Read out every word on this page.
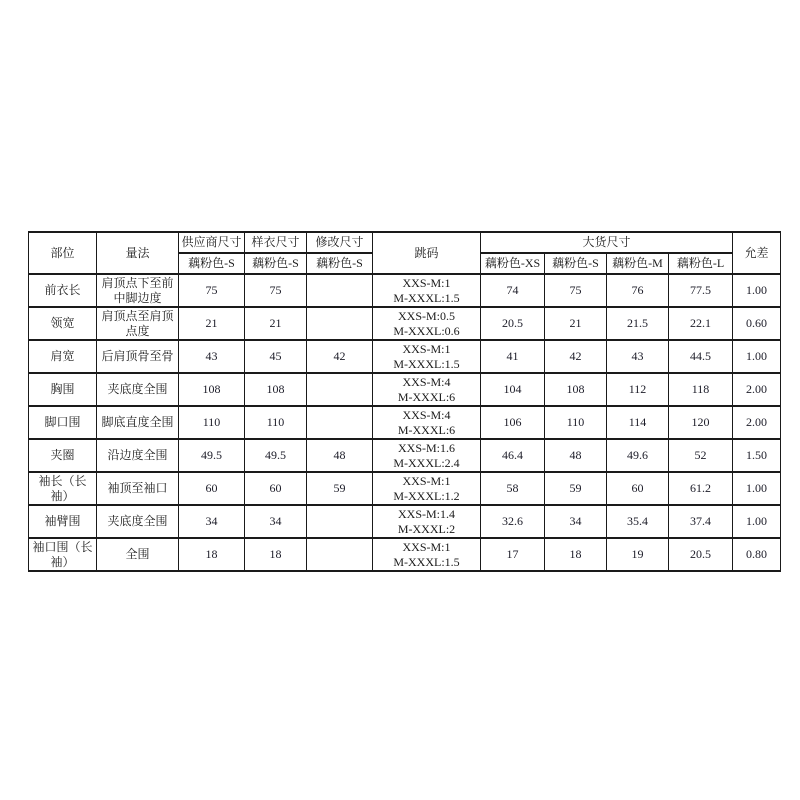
部位	量法	供应商尺寸	样衣尺寸	修改尺寸	跳码	大货尺寸				允差
		藕粉色-S	藕粉色-S	藕粉色-S		藕粉色-XS	藕粉色-S	藕粉色-M	藕粉色-L	
前衣长	肩顶点下至前中脚边度	75	75		XXS-M:1
M-XXXL:1.5	74	75	76	77.5	1.00
领宽	肩顶点至肩顶点度	21	21		XXS-M:0.5
M-XXXL:0.6	20.5	21	21.5	22.1	0.60
肩宽	后肩顶骨至骨	43	45	42	XXS-M:1
M-XXXL:1.5	41	42	43	44.5	1.00
胸围	夹底度全围	108	108		XXS-M:4
M-XXXL:6	104	108	112	118	2.00
脚口围	脚底直度全围	110	110		XXS-M:4
M-XXXL:6	106	110	114	120	2.00
夹圈	沿边度全围	49.5	49.5	48	XXS-M:1.6
M-XXXL:2.4	46.4	48	49.6	52	1.50
袖长（长袖）	袖顶至袖口	60	60	59	XXS-M:1
M-XXXL:1.2	58	59	60	61.2	1.00
袖臂围	夹底度全围	34	34		XXS-M:1.4
M-XXXL:2	32.6	34	35.4	37.4	1.00
袖口围（长袖）	全围	18	18		XXS-M:1
M-XXXL:1.5	17	18	19	20.5	0.80
